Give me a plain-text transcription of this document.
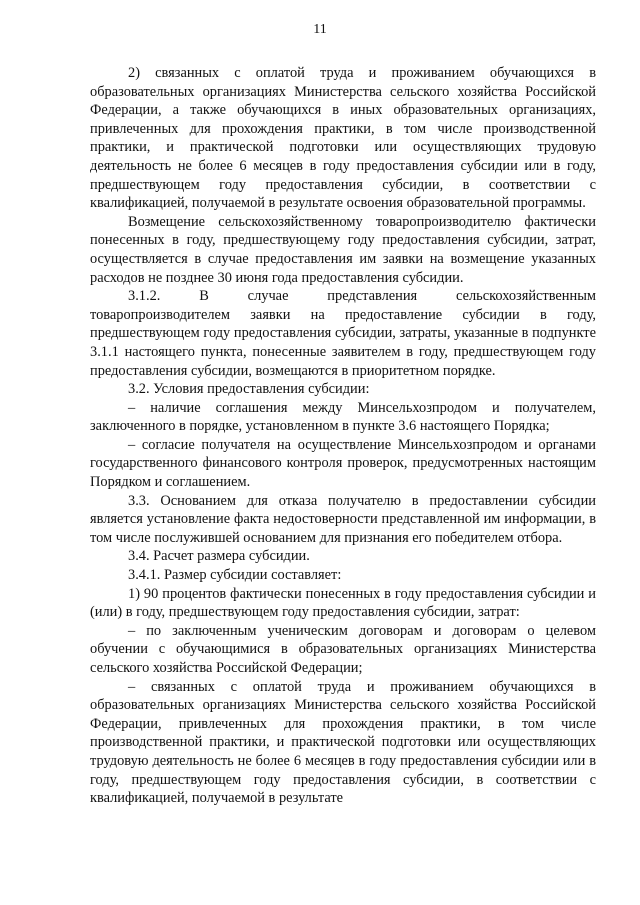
11

2) связанных с оплатой труда и проживанием обучающихся в образовательных организациях Министерства сельского хозяйства Российской Федерации, а также обучающихся в иных образовательных организациях, привлеченных для прохождения практики, в том числе производственной практики, и практической подготовки или осуществляющих трудовую деятельность не более 6 месяцев в году предоставления субсидии или в году, предшествующем году предоставления субсидии, в соответствии с квалификацией, получаемой в результате освоения образовательной программы.

Возмещение сельскохозяйственному товаропроизводителю фактически понесенных в году, предшествующему году предоставления субсидии, затрат, осуществляется в случае предоставления им заявки на возмещение указанных расходов не позднее 30 июня года предоставления субсидии.

3.1.2. В случае представления сельскохозяйственным товаропроизводителем заявки на предоставление субсидии в году, предшествующем году предоставления субсидии, затраты, указанные в подпункте 3.1.1 настоящего пункта, понесенные заявителем в году, предшествующем году предоставления субсидии, возмещаются в приоритетном порядке.

3.2. Условия предоставления субсидии:

– наличие соглашения между Минсельхозпродом и получателем, заключенного в порядке, установленном в пункте 3.6 настоящего Порядка;

– согласие получателя на осуществление Минсельхозпродом и органами государственного финансового контроля проверок, предусмотренных настоящим Порядком и соглашением.

3.3. Основанием для отказа получателю в предоставлении субсидии является установление факта недостоверности представленной им информации, в том числе послужившей основанием для признания его победителем отбора.

3.4. Расчет размера субсидии.

3.4.1. Размер субсидии составляет:

1) 90 процентов фактически понесенных в году предоставления субсидии и (или) в году, предшествующем году предоставления субсидии, затрат:

– по заключенным ученическим договорам и договорам о целевом обучении с обучающимися в образовательных организациях Министерства сельского хозяйства Российской Федерации;

– связанных с оплатой труда и проживанием обучающихся в образовательных организациях Министерства сельского хозяйства Российской Федерации, привлеченных для прохождения практики, в том числе производственной практики, и практической подготовки или осуществляющих трудовую деятельность не более 6 месяцев в году предоставления субсидии или в году, предшествующем году предоставления субсидии, в соответствии с квалификацией, получаемой в результате
